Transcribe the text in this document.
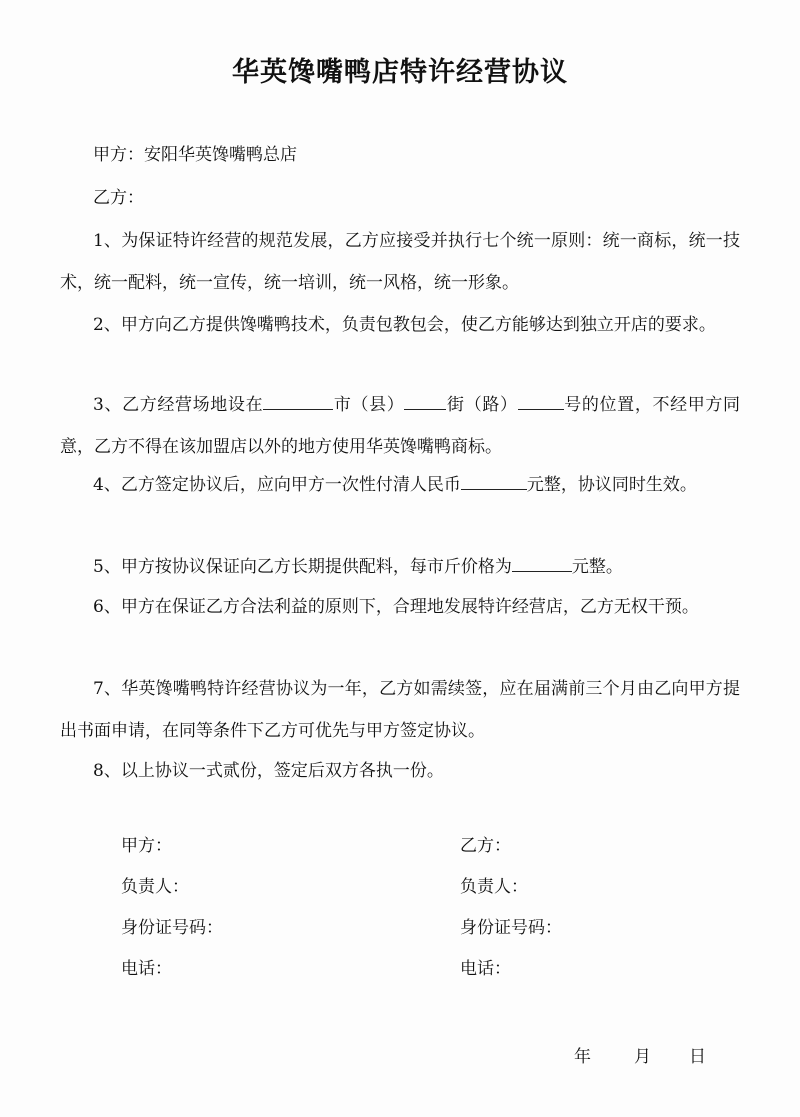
华英馋嘴鸭店特许经营协议
甲方：安阳华英馋嘴鸭总店
乙方：

1、为保证特许经营的规范发展，乙方应接受并执行七个统一原则：统一商标，统一技术，统一配料，统一宣传，统一培训，统一风格，统一形象。

2、甲方向乙方提供馋嘴鸭技术，负责包教包会，使乙方能够达到独立开店的要求。

3、乙方经营场地设在	市（县） 街（路）	号的位置，不经甲方同意，乙方不得在该加盟店以外的地方使用华英馋嘴鸭商标。

4、乙方签定协议后，应向甲方一次性付清人民币	元整，协议同时生效。

5、甲方按协议保证向乙方长期提供配料，每市斤价格为	元整。

6、甲方在保证乙方合法利益的原则下，合理地发展特许经营店，乙方无权干预。

7、华英馋嘴鸭特许经营协议为一年，乙方如需续签，应在届满前三个月由乙向甲方提出书面申请，在同等条件下乙方可优先与甲方签定协议。

8、以上协议一式贰份，签定后双方各执一份。

甲方：	乙方：
负责人：	负责人：
身份证号码：	身份证号码：
电话：	电话：
年	月 日
